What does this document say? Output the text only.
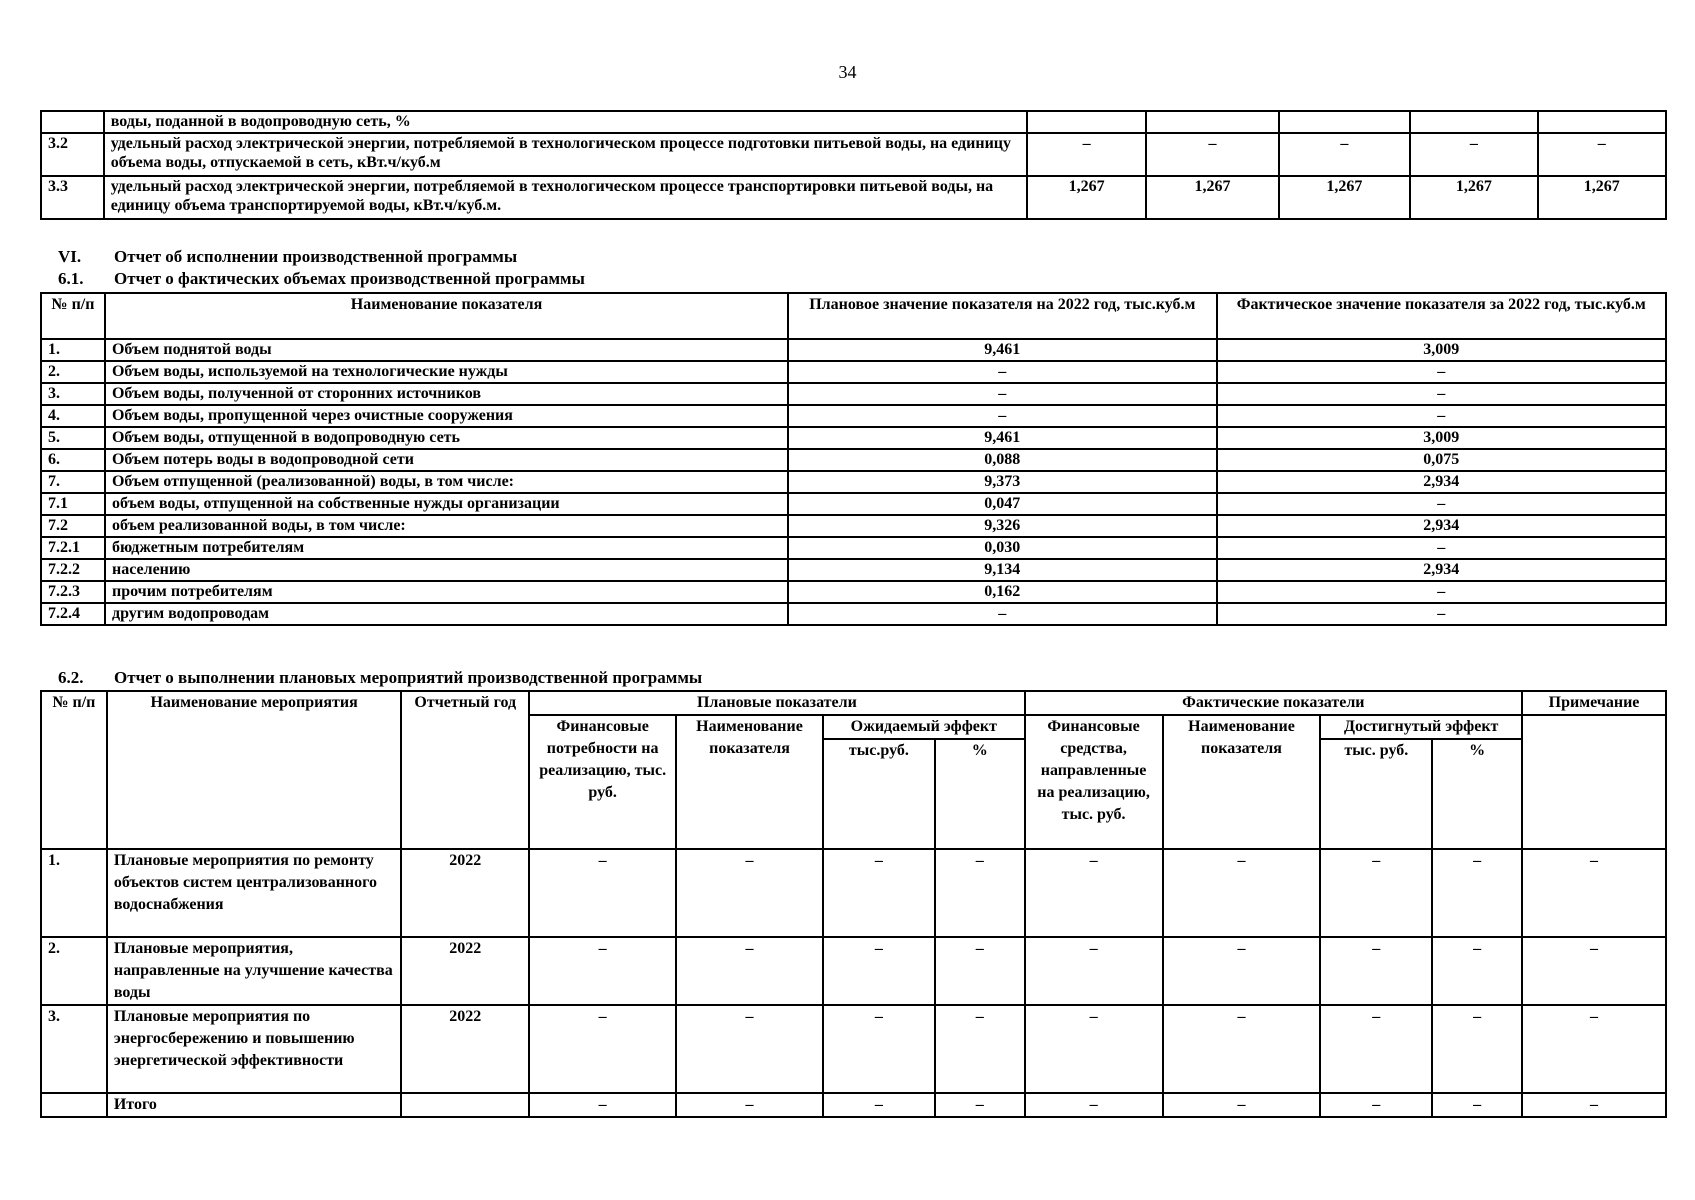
34
	воды, поданной в водопроводную сеть, %					
3.2	удельный расход электрической энергии, потребляемой в технологическом процессе подготовки питьевой воды, на единицу объема воды, отпускаемой в сеть, кВт.ч/куб.м	–	–	–	–	–
3.3	удельный расход электрической энергии, потребляемой в технологическом процессе транспортировки питьевой воды, на единицу объема транспортируемой воды, кВт.ч/куб.м.	1,267	1,267	1,267	1,267	1,267
VI. Отчет об исполнении производственной программы
6.1. Отчет о фактических объемах производственной программы
№ п/п	Наименование показателя	Плановое значение показателя на 2022 год, тыс.куб.м	Фактическое значение показателя за 2022 год, тыс.куб.м
1.	Объем поднятой воды	9,461	3,009
2.	Объем воды, используемой на технологические нужды	–	–
3.	Объем воды, полученной от сторонних источников	–	–
4.	Объем воды, пропущенной через очистные сооружения	–	–
5.	Объем воды, отпущенной в водопроводную сеть	9,461	3,009
6.	Объем потерь воды в водопроводной сети	0,088	0,075
7.	Объем отпущенной (реализованной) воды, в том числе:	9,373	2,934
7.1	объем воды, отпущенной на собственные нужды организации	0,047	–
7.2	объем реализованной воды, в том числе:	9,326	2,934
7.2.1	бюджетным потребителям	0,030	–
7.2.2	населению	9,134	2,934
7.2.3	прочим потребителям	0,162	–
7.2.4	другим водопроводам	–	–
6.2. Отчет о выполнении плановых мероприятий производственной программы
№ п/п	Наименование мероприятия	Отчетный год	Плановые показатели				Фактические показатели				Примечание
			Финансовые потребности на реализацию, тыс. руб.	Наименование показателя	Ожидаемый эффект		Финансовые средства, направленные на реализацию, тыс. руб.	Наименование показателя	Достигнутый эффект		
					тыс.руб.	%			тыс. руб.	%	
1.	Плановые мероприятия по ремонту объектов систем централизованного водоснабжения	2022	–	–	–	–	–	–	–	–	–
2.	Плановые мероприятия, направленные на улучшение качества воды	2022	–	–	–	–	–	–	–	–	–
3.	Плановые мероприятия по энергосбережению и повышению энергетической эффективности	2022	–	–	–	–	–	–	–	–	–
	Итого		–	–	–	–	–	–	–	–	–
